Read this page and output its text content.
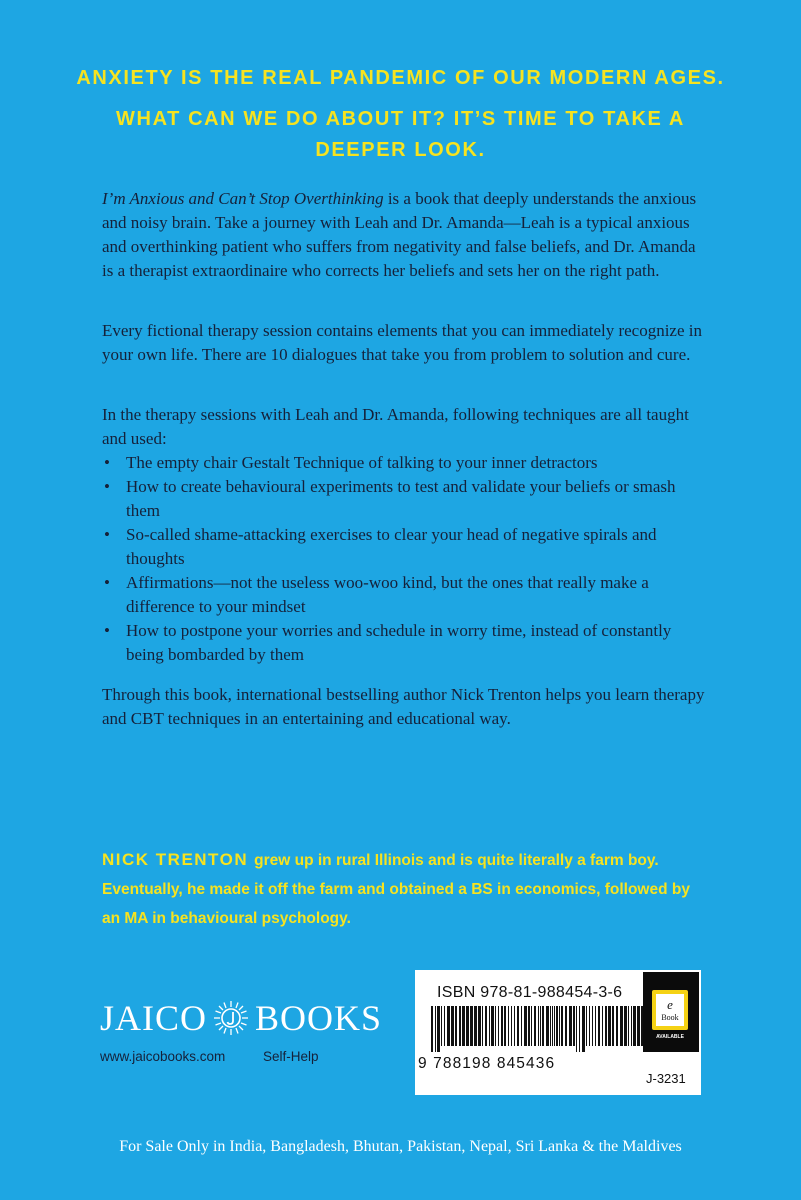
ANXIETY IS THE REAL PANDEMIC OF OUR MODERN AGES.
WHAT CAN WE DO ABOUT IT? IT’S TIME TO TAKE A
DEEPER LOOK.

I’m Anxious and Can’t Stop Overthinking is a book that deeply understands the anxious and noisy brain. Take a journey with Leah and Dr. Amanda—Leah is a typical anxious and overthinking patient who suffers from negativity and false beliefs, and Dr. Amanda is a therapist extraordinaire who corrects her beliefs and sets her on the right path.

Every fictional therapy session contains elements that you can immediately recognize in your own life. There are 10 dialogues that take you from problem to solution and cure.

In the therapy sessions with Leah and Dr. Amanda, following techniques are all taught and used:

• The empty chair Gestalt Technique of talking to your inner detractors
• How to create behavioural experiments to test and validate your beliefs or smash them
• So-called shame-attacking exercises to clear your head of negative spirals and thoughts
• Affirmations—not the useless woo-woo kind, but the ones that really make a difference to your mindset
• How to postpone your worries and schedule in worry time, instead of constantly being bombarded by them

Through this book, international bestselling author Nick Trenton helps you learn therapy and CBT techniques in an entertaining and educational way.

NICK TRENTON grew up in rural Illinois and is quite literally a farm boy. Eventually, he made it off the farm and obtained a BS in economics, followed by an MA in behavioural psychology.
JAICO BOOKS
www.jaicobooks.com	Self-Help
ISBN 978-81-988454-3-6
9 788198 845436
e
Book
AVAILABLE
J-3231
For Sale Only in India, Bangladesh, Bhutan, Pakistan, Nepal, Sri Lanka & the Maldives
